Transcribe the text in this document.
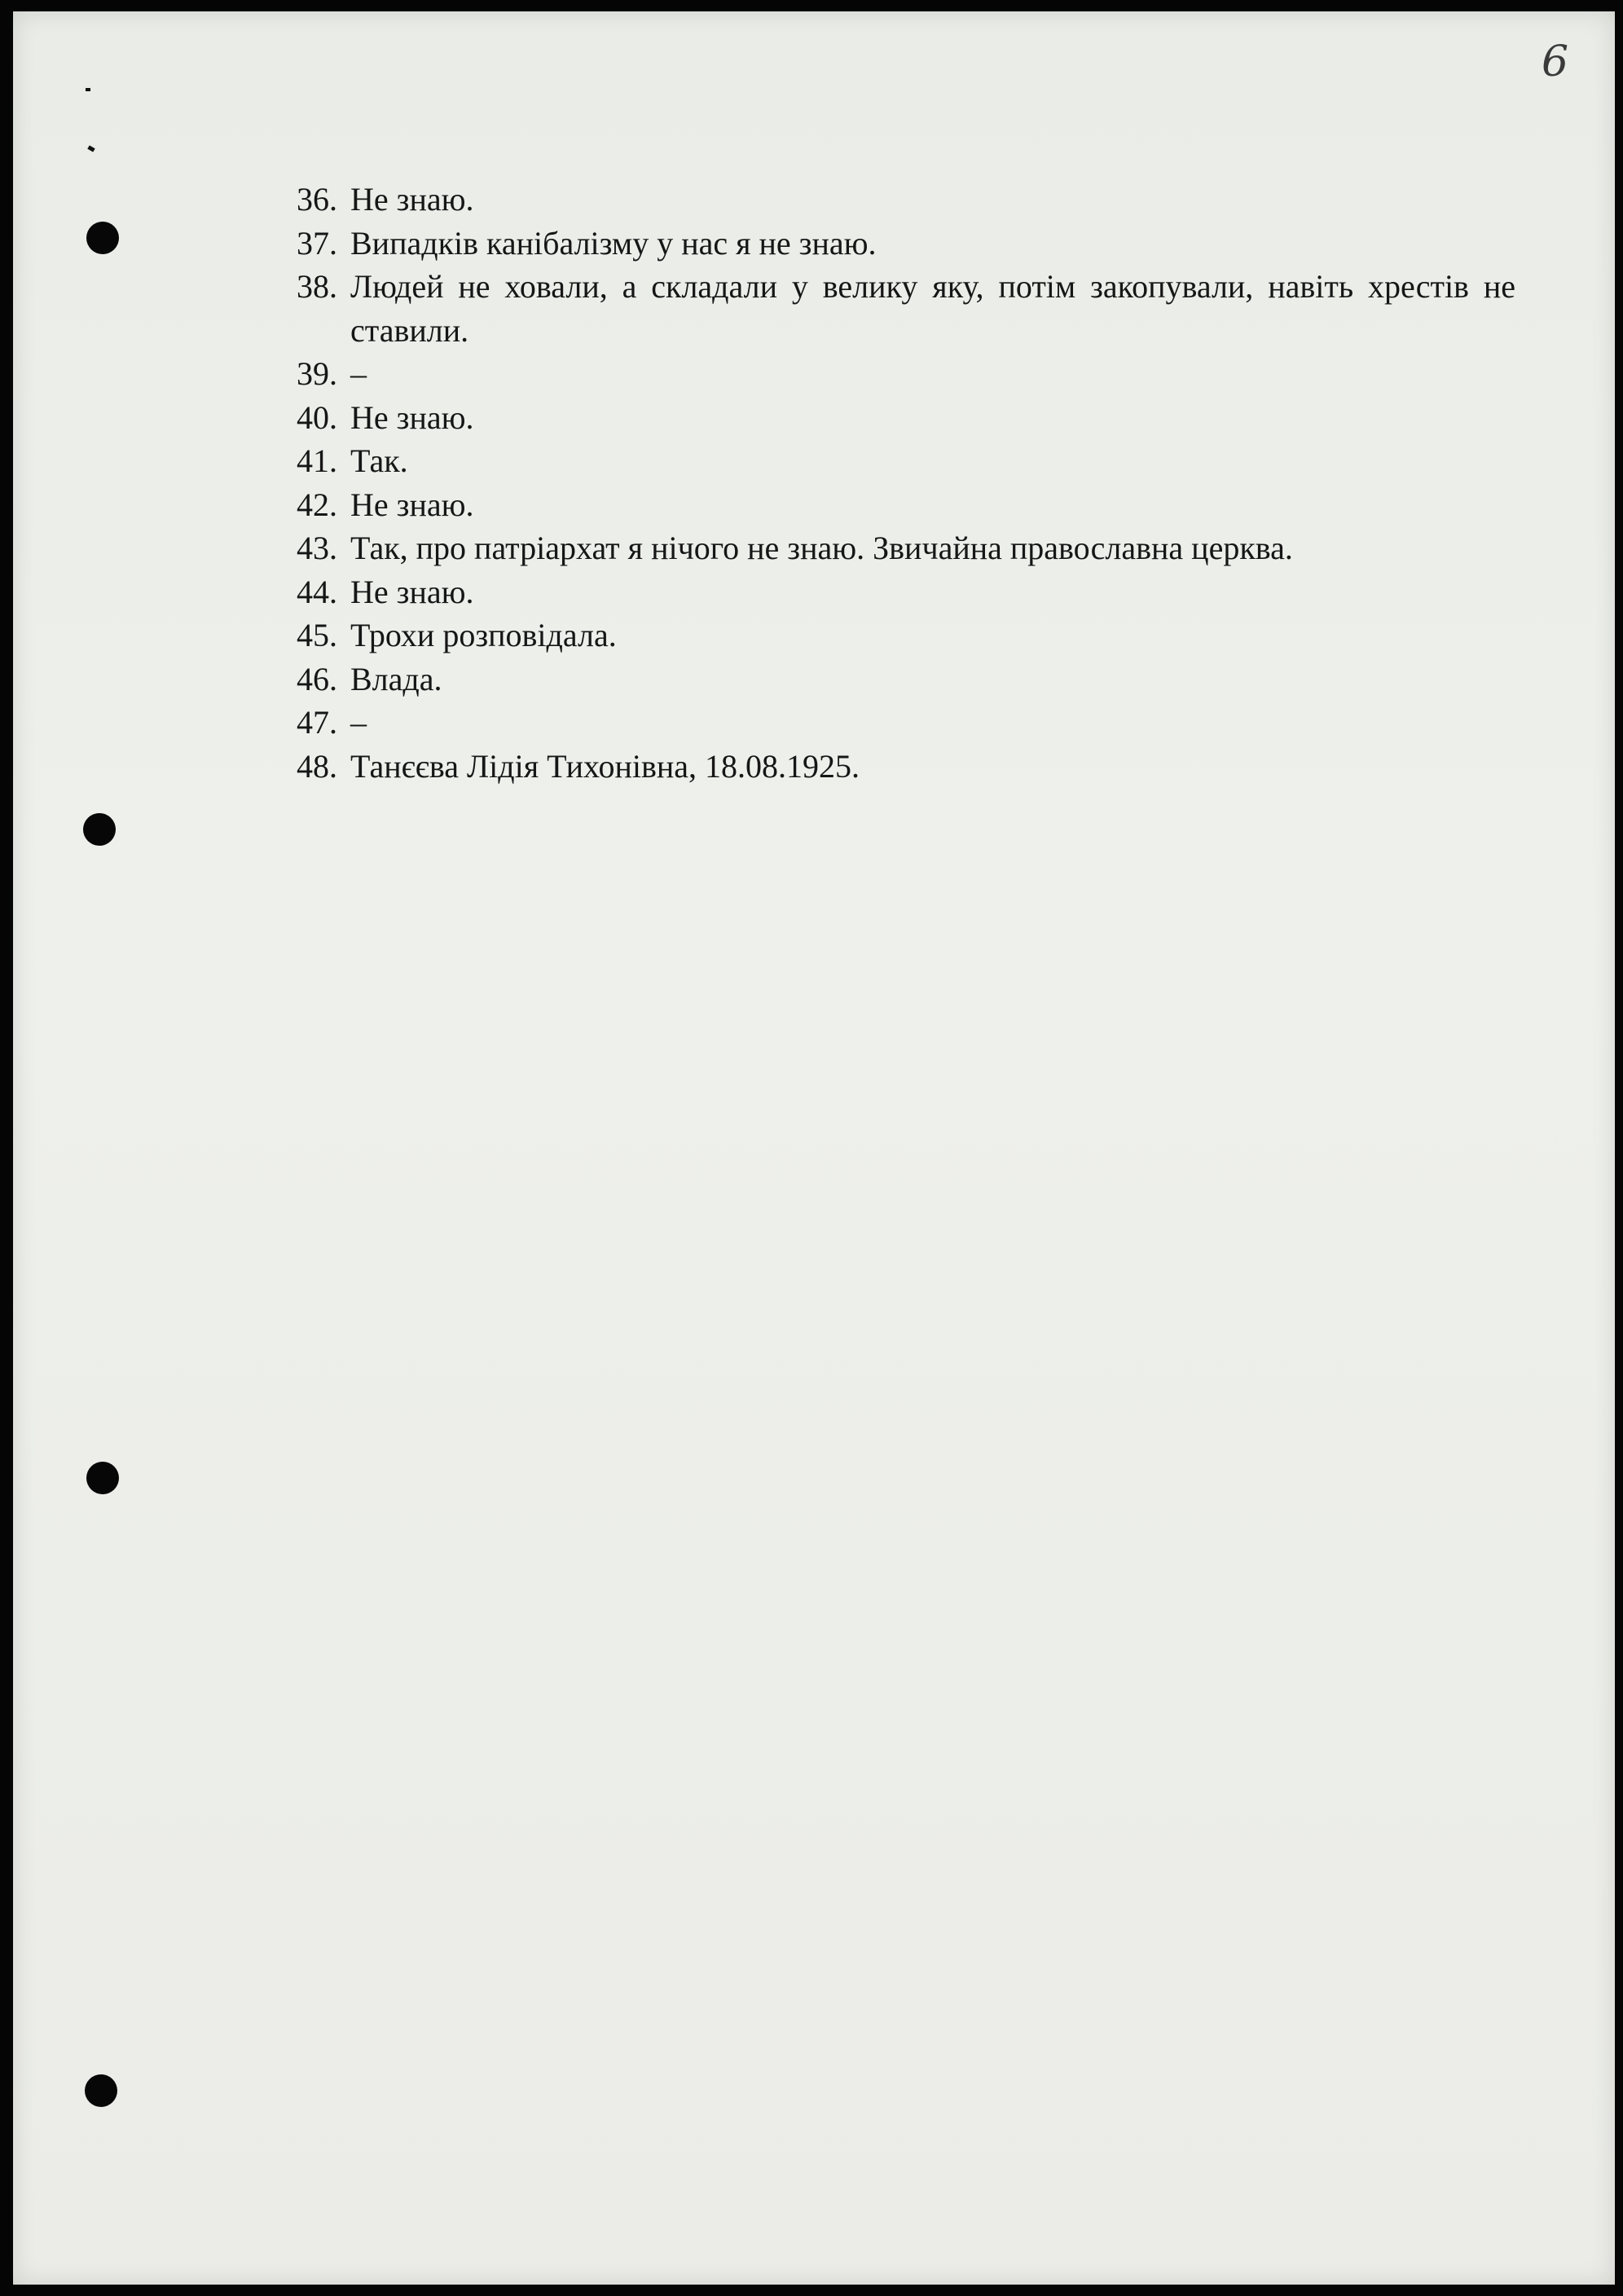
6
36. Не знаю.
37. Випадків канібалізму у нас я не знаю.
38. Людей не ховали, а складали у велику яку, потім закопували, навіть хрестів не ставили.
39. –
40. Не знаю.
41. Так.
42. Не знаю.
43. Так, про патріархат я нічого не знаю. Звичайна православна церква.
44. Не знаю.
45. Трохи розповідала.
46. Влада.
47. –
48. Танєєва Лідія Тихонівна, 18.08.1925.
